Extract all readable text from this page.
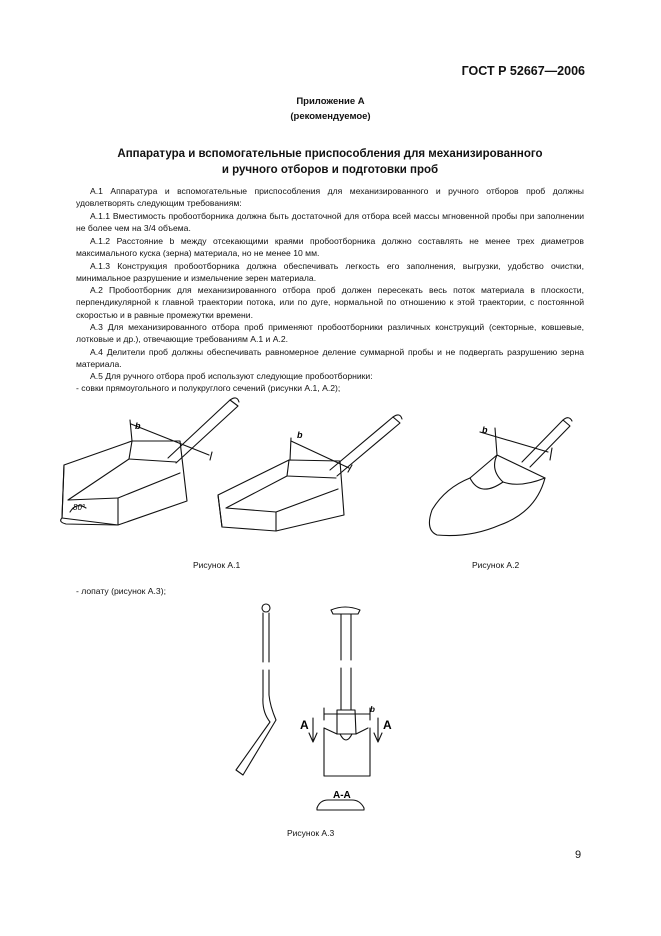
ГОСТ Р 52667—2006
Приложение А
(рекомендуемое)
Аппаратура и вспомогательные приспособления для механизированного
и ручного отборов и подготовки проб
А.1 Аппаратура и вспомогательные приспособления для механизированного и ручного отборов проб должны удовлетворять следующим требованиям:
А.1.1 Вместимость пробоотборника должна быть достаточной для отбора всей массы мгновенной пробы при заполнении не более чем на 3/4 объема.
А.1.2 Расстояние b между отсекающими краями пробоотборника должно составлять не менее трех диаметров максимального куска (зерна) материала, но не менее 10 мм.
А.1.3 Конструкция пробоотборника должна обеспечивать легкость его заполнения, выгрузки, удобство очистки, минимальное разрушение и измельчение зерен материала.
А.2 Пробоотборник для механизированного отбора проб должен пересекать весь поток материала в плоскости, перпендикулярной к главной траектории потока, или по дуге, нормальной по отношению к этой траектории, с постоянной скоростью и в равные промежутки времени.
А.3 Для механизированного отбора проб применяют пробоотборники различных конструкций (секторные, ковшевые, лотковые и др.), отвечающие требованиям А.1 и А.2.
А.4 Делители проб должны обеспечивать равномерное деление суммарной пробы и не подвергать разрушению зерна материала.
А.5 Для ручного отбора проб используют следующие пробоотборники:
- совки прямоугольного и полукруглого сечений (рисунки А.1, А.2);
b
b
80°
b
A	A
b
А-А
Рисунок А.1	Рисунок А.2
- лопату (рисунок А.3);
Рисунок А.3
9
